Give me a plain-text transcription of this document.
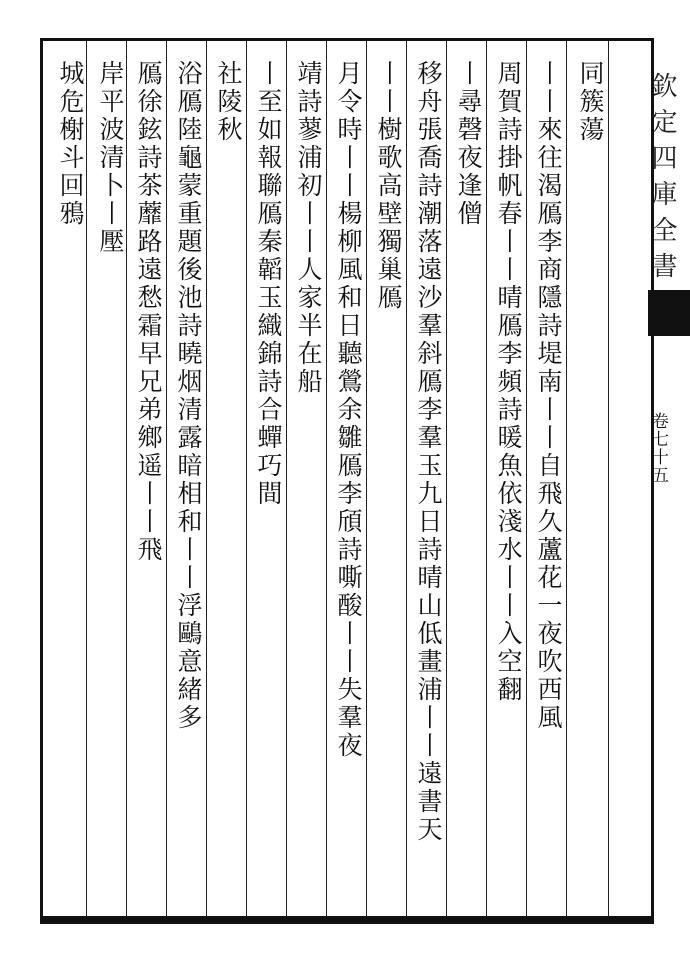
欽定四庫全書
卷七十五
同簇蕩
丨丨來往渴鴈李商隱詩堤南丨丨自飛久蘆花一夜吹西風
周賀詩掛帆春丨丨晴鴈李頻詩暖魚依淺水丨丨入空翻
丨尋磬夜逢僧
移舟張喬詩潮落遠沙羣斜鴈李羣玉九日詩晴山低畫浦丨丨遠書天
丨丨樹歌高壁獨巢鴈
月令時丨丨楊柳風和日聽鶯余雛鴈李頎詩嘶酸丨丨失羣夜
靖詩蓼浦初丨丨人家半在船
丨至如報聯鴈秦韜玉織錦詩合蟬巧間
社陵秋
浴鴈陸龜蒙重題後池詩曉烟清露暗相和丨丨浮鷗意緒多
鴈徐鉉詩茶蘼路遠愁霜早兄弟鄉遥丨丨飛
岸平波清卜丨壓
城危榭斗回鴉
